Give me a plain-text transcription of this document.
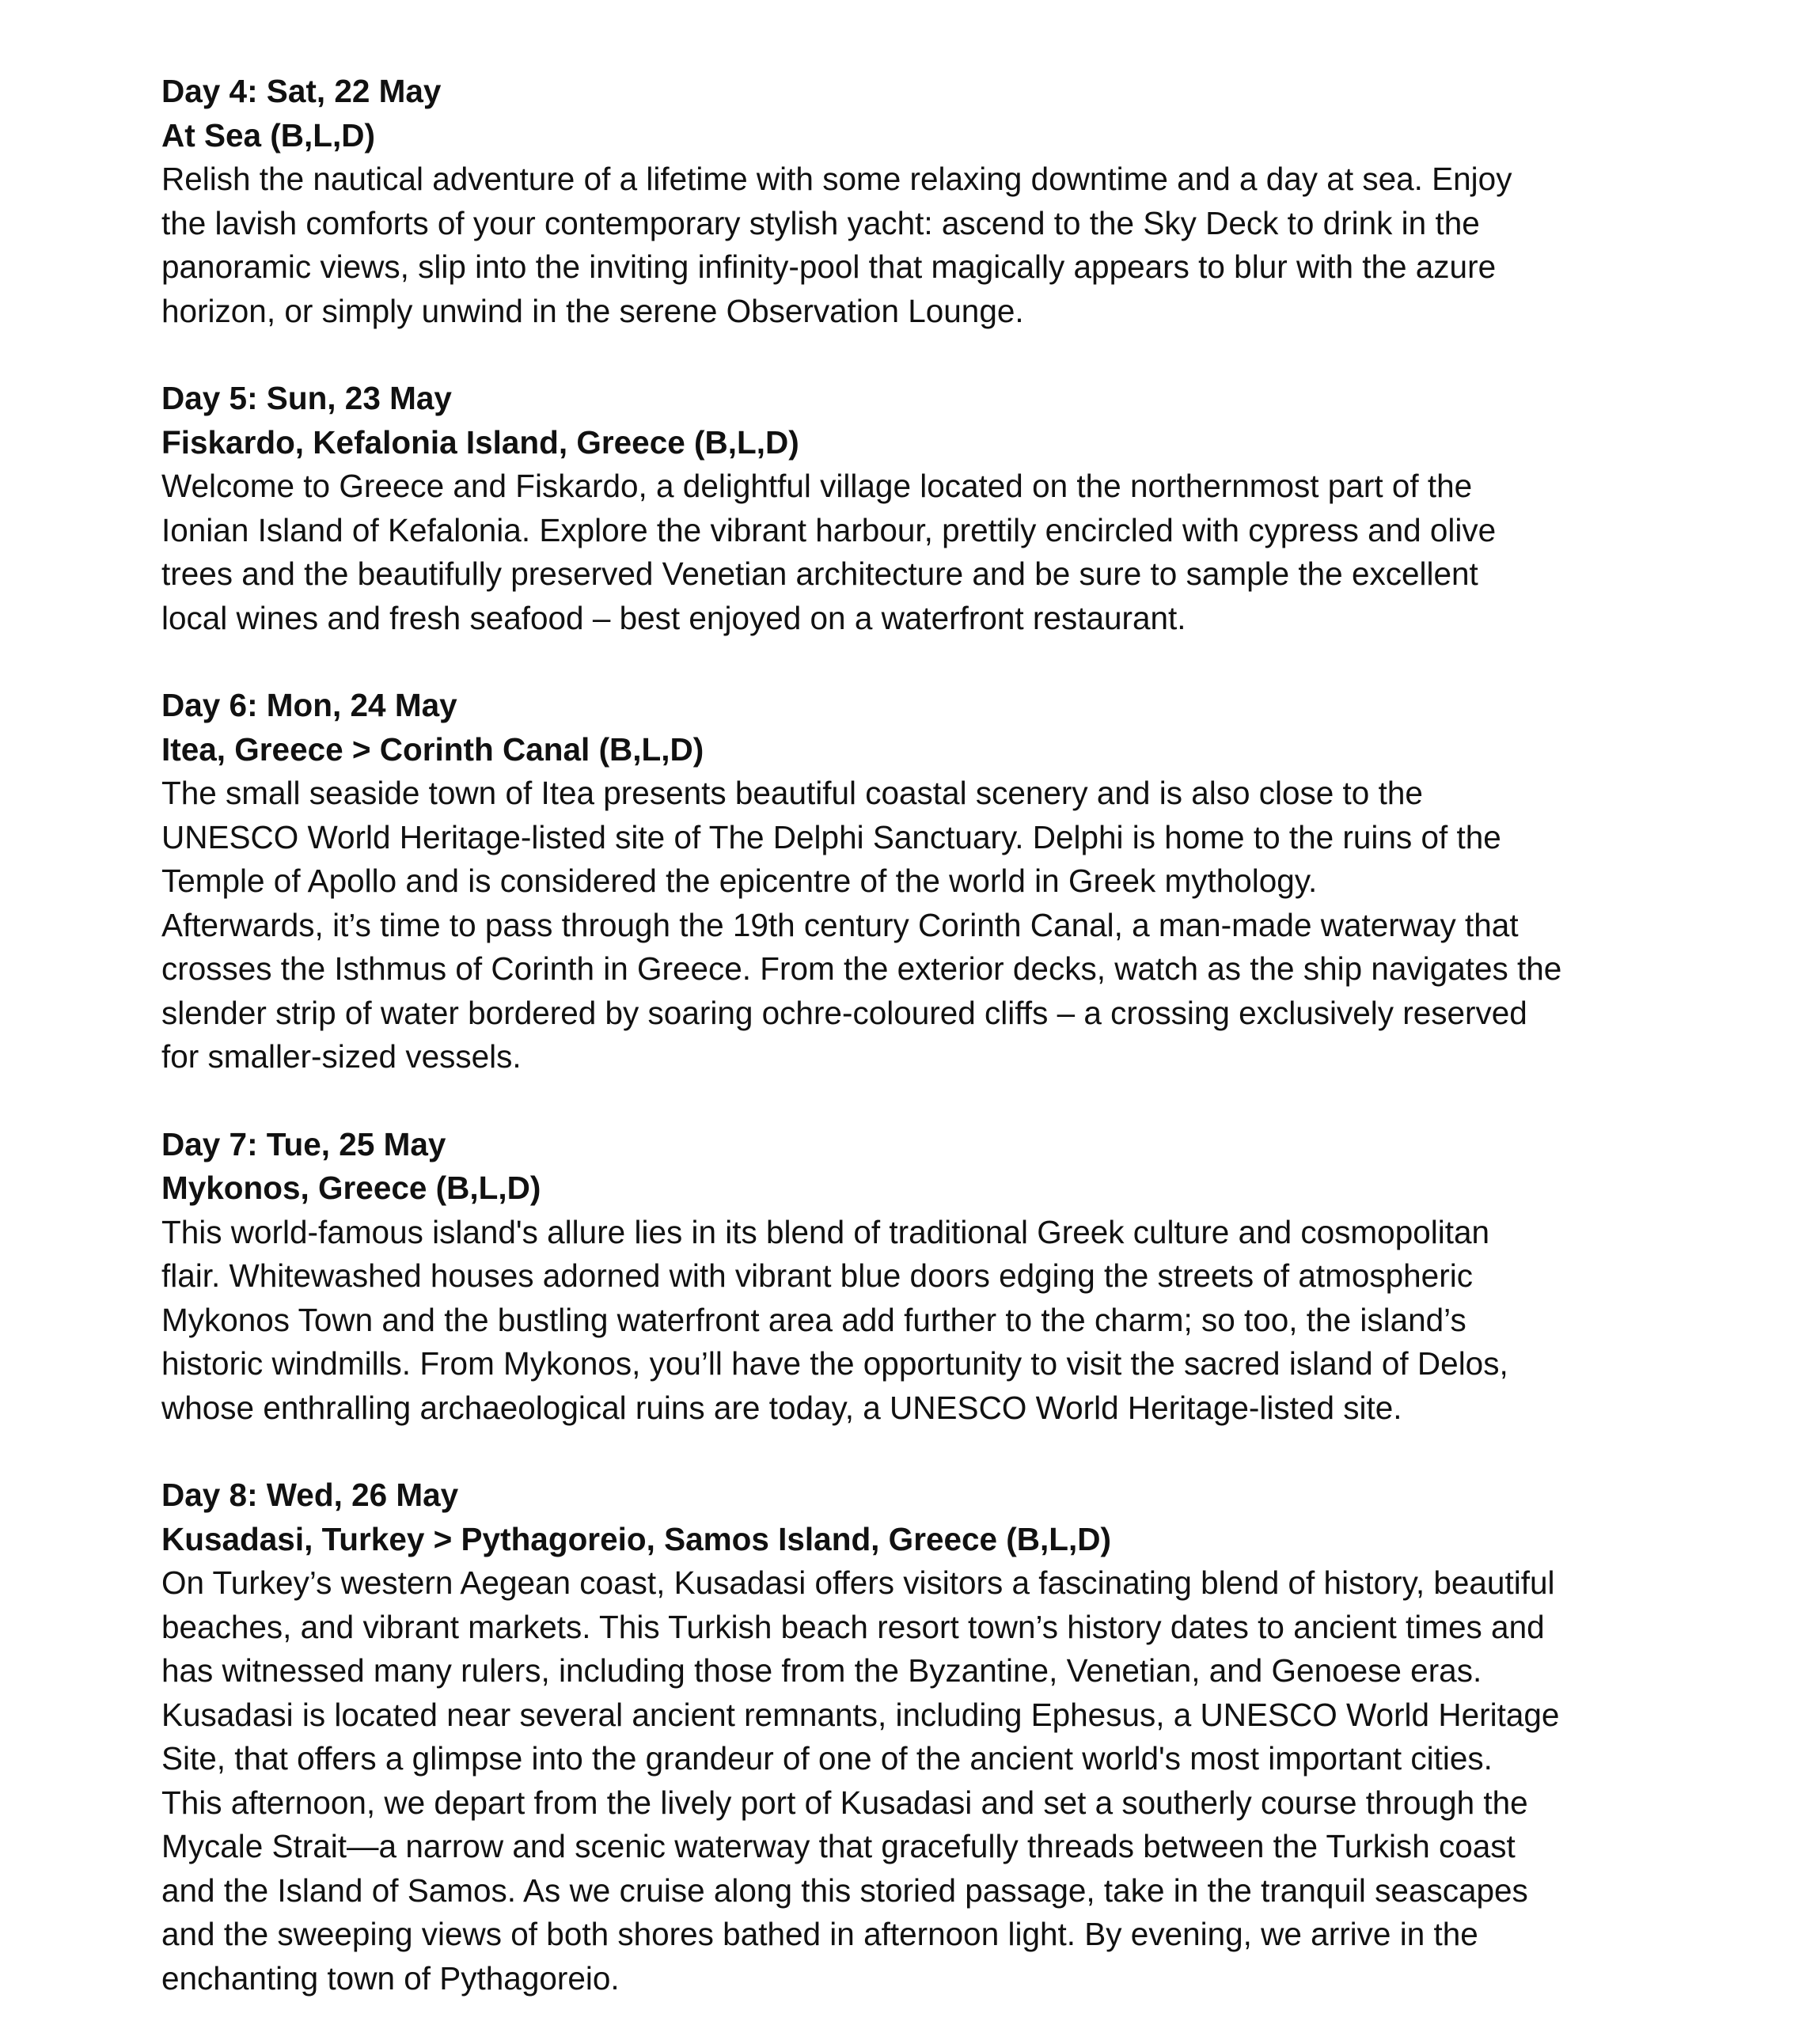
Day 4: Sat, 22 May
At Sea (B,L,D)

Relish the nautical adventure of a lifetime with some relaxing downtime and a day at sea. Enjoy
the lavish comforts of your contemporary stylish yacht: ascend to the Sky Deck to drink in the
panoramic views, slip into the inviting infinity-pool that magically appears to blur with the azure
horizon, or simply unwind in the serene Observation Lounge.

Day 5: Sun, 23 May
Fiskardo, Kefalonia Island, Greece (B,L,D)

Welcome to Greece and Fiskardo, a delightful village located on the northernmost part of the
Ionian Island of Kefalonia. Explore the vibrant harbour, prettily encircled with cypress and olive
trees and the beautifully preserved Venetian architecture and be sure to sample the excellent
local wines and fresh seafood – best enjoyed on a waterfront restaurant.

Day 6: Mon, 24 May
Itea, Greece > Corinth Canal (B,L,D)

The small seaside town of Itea presents beautiful coastal scenery and is also close to the
UNESCO World Heritage-listed site of The Delphi Sanctuary. Delphi is home to the ruins of the
Temple of Apollo and is considered the epicentre of the world in Greek mythology.

Afterwards, it’s time to pass through the 19th century Corinth Canal, a man-made waterway that
crosses the Isthmus of Corinth in Greece. From the exterior decks, watch as the ship navigates the
slender strip of water bordered by soaring ochre-coloured cliffs – a crossing exclusively reserved
for smaller-sized vessels.

Day 7: Tue, 25 May
Mykonos, Greece (B,L,D)

This world-famous island's allure lies in its blend of traditional Greek culture and cosmopolitan
flair. Whitewashed houses adorned with vibrant blue doors edging the streets of atmospheric
Mykonos Town and the bustling waterfront area add further to the charm; so too, the island’s
historic windmills. From Mykonos, you’ll have the opportunity to visit the sacred island of Delos,
whose enthralling archaeological ruins are today, a UNESCO World Heritage-listed site.

Day 8: Wed, 26 May
Kusadasi, Turkey > Pythagoreio, Samos Island, Greece (B,L,D)

On Turkey’s western Aegean coast, Kusadasi offers visitors a fascinating blend of history, beautiful
beaches, and vibrant markets. This Turkish beach resort town’s history dates to ancient times and
has witnessed many rulers, including those from the Byzantine, Venetian, and Genoese eras.
Kusadasi is located near several ancient remnants, including Ephesus, a UNESCO World Heritage
Site, that offers a glimpse into the grandeur of one of the ancient world's most important cities.

This afternoon, we depart from the lively port of Kusadasi and set a southerly course through the
Mycale Strait—a narrow and scenic waterway that gracefully threads between the Turkish coast
and the Island of Samos. As we cruise along this storied passage, take in the tranquil seascapes
and the sweeping views of both shores bathed in afternoon light. By evening, we arrive in the
enchanting town of Pythagoreio.
